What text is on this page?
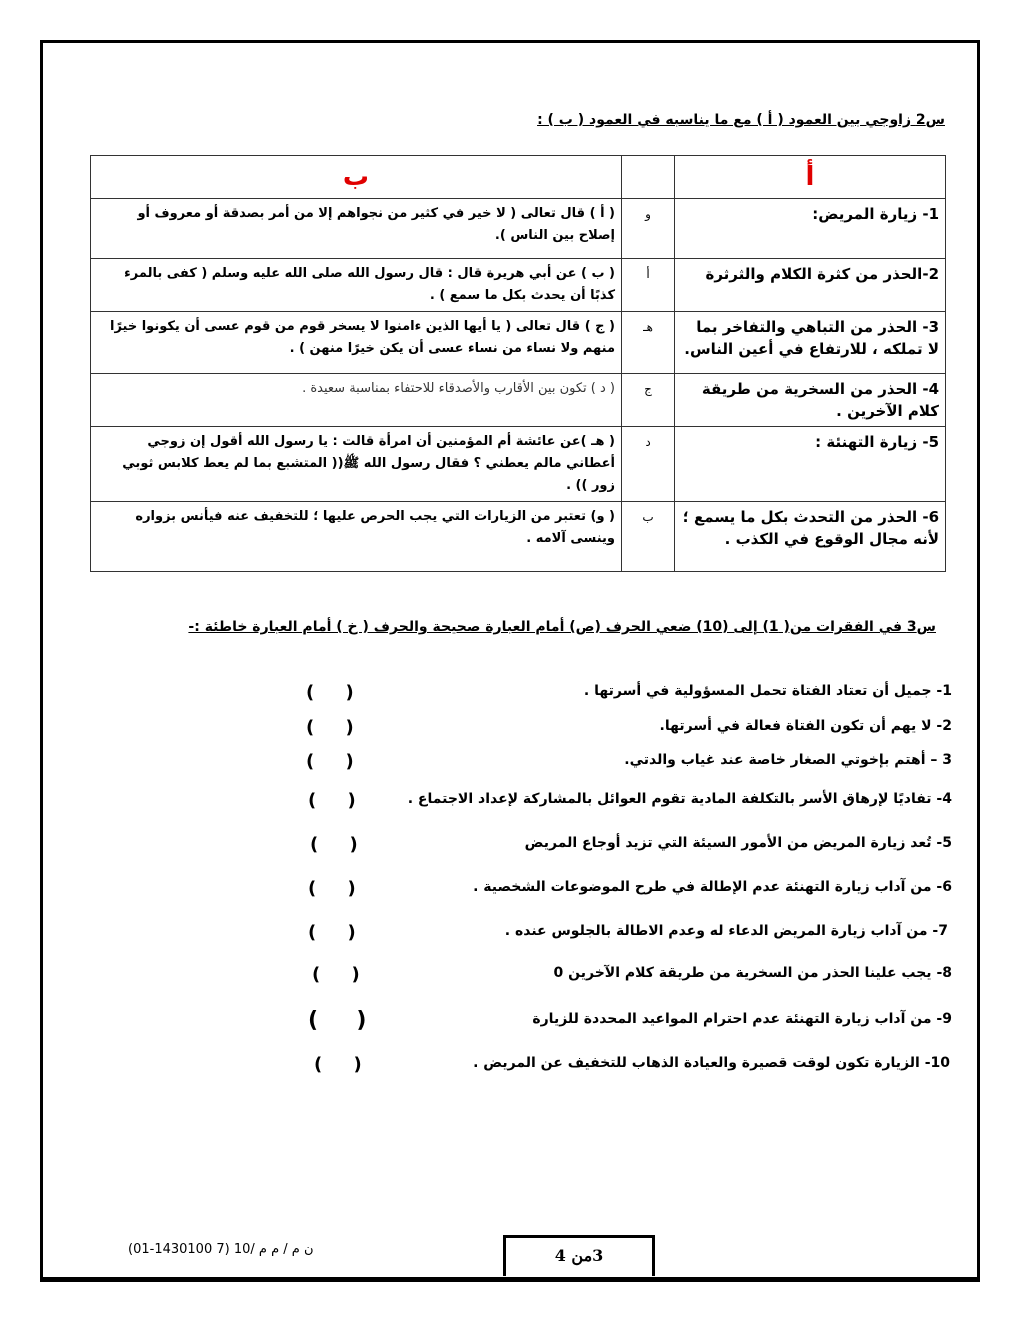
س2 زاوجي بين العمود ( أ ) مع ما يناسبه في العمود ( ب ) :
أ		ب
1- زيارة المريض:	و	( أ ) قال تعالى ( لا خير في كثير من نجواهم إلا من أمر بصدقة أو معروف أو إصلاح بين الناس ).
2-الحذر من كثرة الكلام والثرثرة	أ	( ب ) عن أبي هريرة قال : قال رسول الله صلى الله عليه وسلم ( كفى بالمرء كذبًا أن يحدث بكل ما سمع ) .
3- الحذر من التباهي والتفاخر بما لا تملكه ، للارتفاع في أعين الناس.	هـ	( ج ) قال تعالى ( يا أيها الذين ءامنوا لا يسخر قوم من قوم عسى أن يكونوا خيرًا منهم ولا نساء من نساء عسى أن يكن خيرًا منهن ) .
4- الحذر من السخرية من طريقة كلام الآخرين .	ج	( د ) تكون بين الأقارب والأصدقاء للاحتفاء بمناسبة سعيدة .
5- زيارة التهنئة :	د	( هـ )عن عائشة أم المؤمنين أن امرأة قالت : يا رسول الله أقول إن زوجي أعطاني مالم يعطني ؟ فقال رسول الله ﷺ(( المتشبع بما لم يعط كلابس ثوبي زور )) .
6- الحذر من التحدث بكل ما يسمع ؛ لأنه مجال الوقوع في الكذب .	ب	( و) تعتبر من الزيارات التي يجب الحرص عليها ؛ للتخفيف عنه فيأنس بزواره وينسى آلامه .
س3 في الفقرات من( 1) إلى (10) ضعي الحرف (ص) أمام العبارة صحيحة والحرف ( خ ) أمام العبارة خاطئة :-
1- جميل أن تعتاد الفتاة تحمل المسؤولية في أسرتها .
2- لا يهم أن تكون الفتاة فعالة في أسرتها.
3 – أهتم بإخوتي الصغار خاصة عند غياب والدتي.
4- تفاديًا لإرهاق الأسر بالتكلفة المادية تقوم العوائل بالمشاركة لإعداد الاجتماع .
5- تُعد زيارة المريض من الأمور السيئة التي تزيد أوجاع المريض
6- من آداب زيارة التهنئة عدم الإطالة في طرح الموضوعات الشخصية .
7- من آداب زيارة المريض الدعاء له وعدم الاطالة بالجلوس عنده .
8- يجب علينا الحذر من السخرية من طريقة كلام الآخرين 0
9- من آداب زيارة التهنئة عدم احترام المواعيد المحددة للزيارة
10- الزيارة تكون لوقت قصيرة والعيادة الذهاب للتخفيف عن المريض .
(     )
(     )
(     )
(     )
(     )
(     )
(     )
(     )
(     )
(     )
ن م / م م /10 (7 1430100-01)	3من 4
